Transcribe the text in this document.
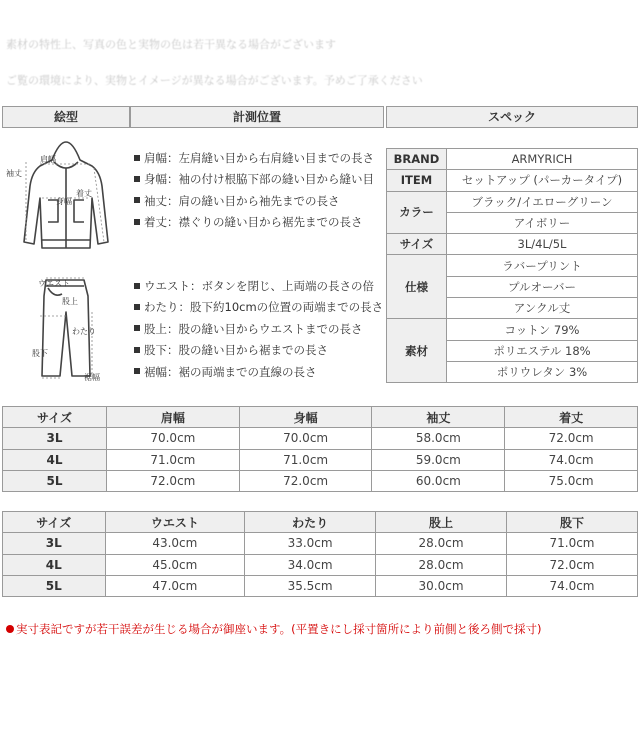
素材の特性上、写真の色と実物の色は若干異なる場合がございます
ご覧の環境により、実物とイメージが異なる場合がございます。予めご了承ください
絵型	計測位置	スペック
肩幅
袖丈
身幅
着丈
ウエスト
股上
わたり
股下
裾幅
肩幅：左肩縫い目から右肩縫い目までの長さ
身幅：袖の付け根脇下部の縫い目から縫い目
袖丈：肩の縫い目から袖先までの長さ
着丈：襟ぐりの縫い目から裾先までの長さ
ウエスト：ボタンを閉じ、上両端の長さの倍
わたり：股下約10cmの位置の両端までの長さ
股上：股の縫い目からウエストまでの長さ
股下：股の縫い目から裾までの長さ
裾幅：裾の両端までの直線の長さ
BRAND	ARMYRICH
ITEM	セットアップ (パーカータイプ)
カラー	ブラック/イエローグリーン
	アイボリー
サイズ	3L/4L/5L
仕様	ラバープリント
	プルオーバー
	アンクル丈
素材	コットン 79%
	ポリエステル 18%
	ポリウレタン 3%
サイズ	肩幅	身幅	袖丈	着丈
3L	70.0cm	70.0cm	58.0cm	72.0cm
4L	71.0cm	71.0cm	59.0cm	74.0cm
5L	72.0cm	72.0cm	60.0cm	75.0cm
サイズ	ウエスト	わたり	股上	股下
3L	43.0cm	33.0cm	28.0cm	71.0cm
4L	45.0cm	34.0cm	28.0cm	72.0cm
5L	47.0cm	35.5cm	30.0cm	74.0cm
実寸表記ですが若干誤差が生じる場合が御座います。(平置きにし採寸箇所により前側と後ろ側で採寸)
